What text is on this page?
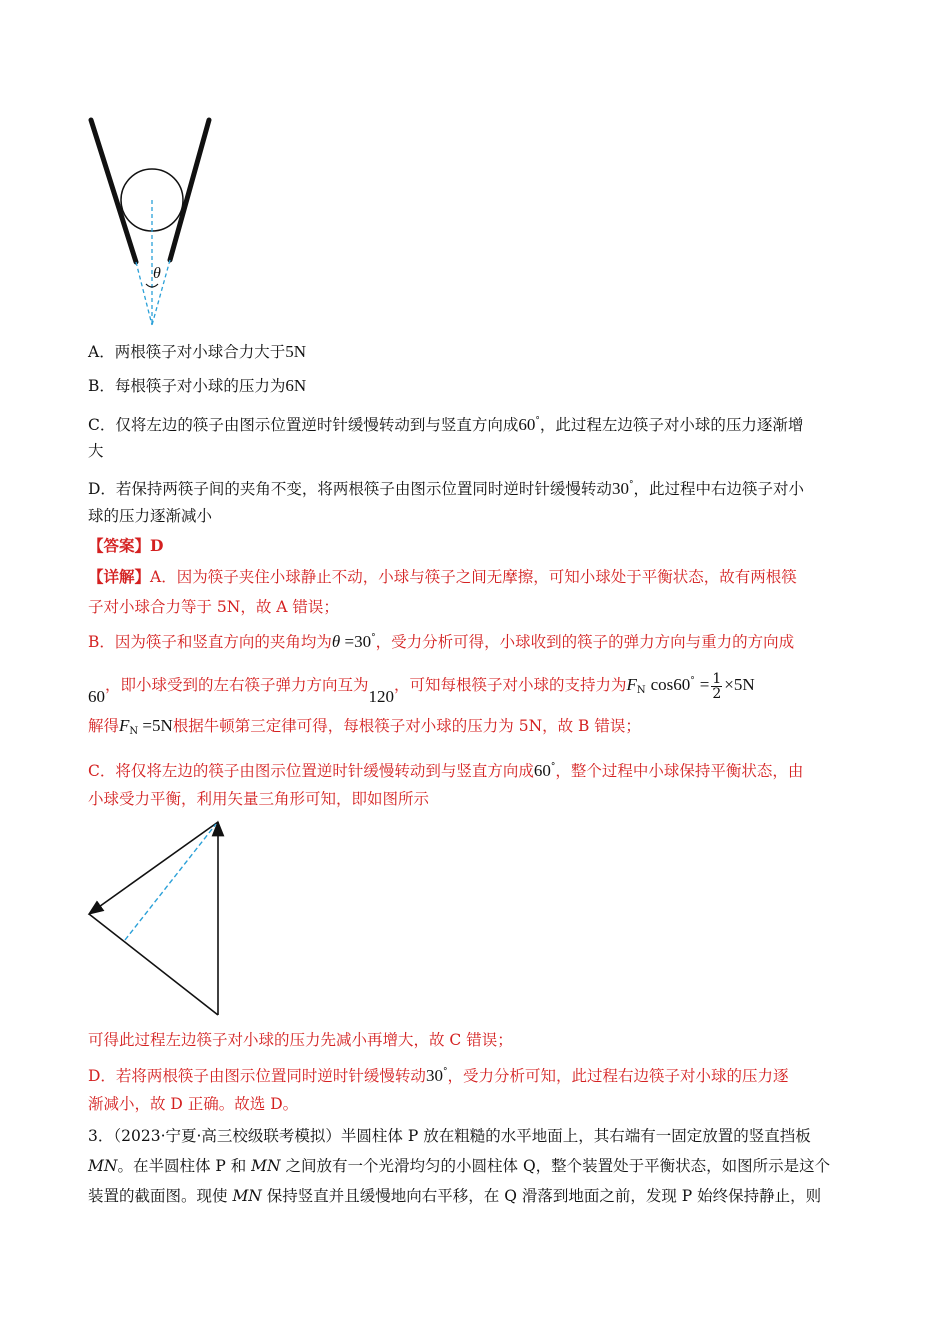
θ
A．两根筷子对小球合力大于5N
B．每根筷子对小球的压力为6N
C．仅将左边的筷子由图示位置逆时针缓慢转动到与竖直方向成60°，此过程左边筷子对小球的压力逐渐增
大
D．若保持两筷子间的夹角不变，将两根筷子由图示位置同时逆时针缓慢转动30°，此过程中右边筷子对小
球的压力逐渐减小
【答案】D
【详解】A．因为筷子夹住小球静止不动，小球与筷子之间无摩擦，可知小球处于平衡状态，故有两根筷
子对小球合力等于 5N，故 A 错误；
B．因为筷子和竖直方向的夹角均为θ =30°，受力分析可得，小球收到的筷子的弹力方向与重力的方向成
60，即小球受到的左右筷子弹力方向互为120，可知每根筷子对小球的支持力为$F_N$ $\cos 60^\circ = \frac{1}{2} \times 5N$
解得$F_N =5N$根据牛顿第三定律可得，每根筷子对小球的压力为 5N，故 B 错误；
C．将仅将左边的筷子由图示位置逆时针缓慢转动到与竖直方向成60°，整个过程中小球保持平衡状态，由
小球受力平衡，利用矢量三角形可知，即如图所示
可得此过程左边筷子对小球的压力先减小再增大，故 C 错误；
D．若将两根筷子由图示位置同时逆时针缓慢转动30°，受力分析可知，此过程右边筷子对小球的压力逐
渐减小，故 D 正确。故选 D。
3．（2023·宁夏·高三校级联考模拟）半圆柱体 P 放在粗糙的水平地面上，其右端有一固定放置的竖直挡板
MN。在半圆柱体 P 和 MN 之间放有一个光滑均匀的小圆柱体 Q，整个装置处于平衡状态，如图所示是这个
装置的截面图。现使 MN 保持竖直并且缓慢地向右平移，在 Q 滑落到地面之前，发现 P 始终保持静止，则
